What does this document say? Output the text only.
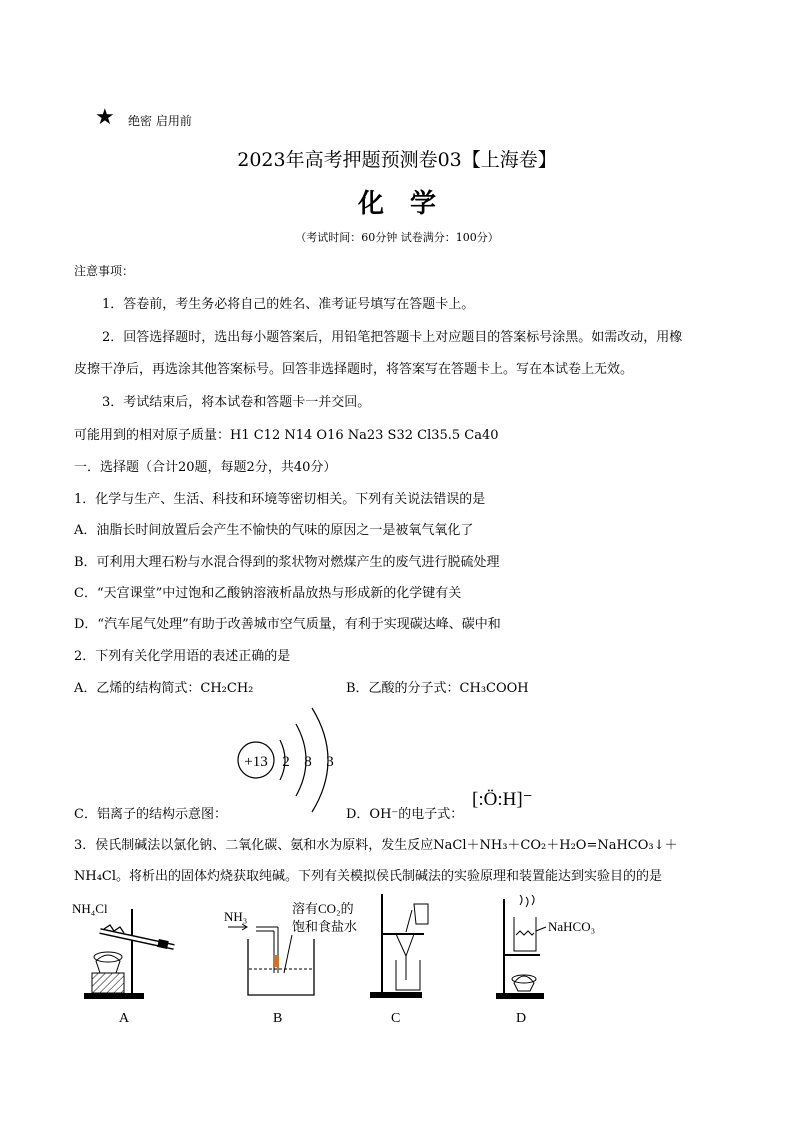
★ 绝密 启用前
2023年高考押题预测卷03【上海卷】
化学
（考试时间：60分钟 试卷满分：100分）
注意事项：
1．答卷前，考生务必将自己的姓名、准考证号填写在答题卡上。
2．回答选择题时，选出每小题答案后，用铅笔把答题卡上对应题目的答案标号涂黑。如需改动，用橡
皮擦干净后，再选涂其他答案标号。回答非选择题时，将答案写在答题卡上。写在本试卷上无效。
3．考试结束后，将本试卷和答题卡一并交回。
可能用到的相对原子质量：H1 C12 N14 O16 Na23 S32 Cl35.5 Ca40
一．选择题（合计20题，每题2分，共40分）
1．化学与生产、生活、科技和环境等密切相关。下列有关说法错误的是
A．油脂长时间放置后会产生不愉快的气味的原因之一是被氧气氧化了
B．可利用大理石粉与水混合得到的浆状物对燃煤产生的废气进行脱硫处理
C．“天宫课堂”中过饱和乙酸钠溶液析晶放热与形成新的化学键有关
D．“汽车尾气处理”有助于改善城市空气质量，有利于实现碳达峰、碳中和
2．下列有关化学用语的表述正确的是
A．乙烯的结构简式：CH₂CH₂	B．乙酸的分子式：CH₃COOH
C．铝离子的结构示意图：	D．OH⁻的电子式：
+13 2 8 3
[:Ö:H]⁻
3．侯氏制碱法以氯化钠、二氧化碳、氨和水为原料，发生反应NaCl＋NH₃＋CO₂＋H₂O=NaHCO₃↓＋
NH₄Cl。将析出的固体灼烧获取纯碱。下列有关模拟侯氏制碱法的实验原理和装置能达到实验目的的是
NH₄Cl
NH₃
溶有CO₂的
饱和食盐水	NaHCO₃
A	B	C	D
